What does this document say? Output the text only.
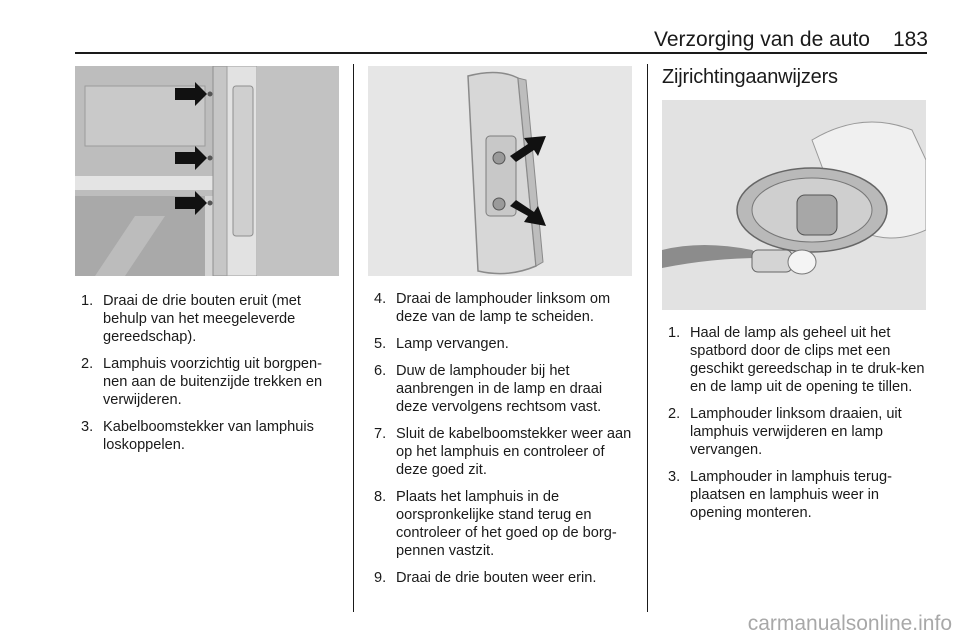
Verzorging van de auto	183
1. Draai de drie bouten eruit (met behulp van het meegeleverde gereedschap).
2. Lamphuis voorzichtig uit borgpen-nen aan de buitenzijde trekken en verwijderen.
3. Kabelboomstekker van lamphuis loskoppelen.
4. Draai de lamphouder linksom om deze van de lamp te scheiden.
5. Lamp vervangen.
6. Duw de lamphouder bij het aanbrengen in de lamp en draai deze vervolgens rechtsom vast.
7. Sluit de kabelboomstekker weer aan op het lamphuis en controleer of deze goed zit.
8. Plaats het lamphuis in de oorspronkelijke stand terug en controleer of het goed op de borg-pennen vastzit.
9. Draai de drie bouten weer erin.
Zijrichtingaanwijzers
1. Haal de lamp als geheel uit het spatbord door de clips met een geschikt gereedschap in te druk-ken en de lamp uit de opening te tillen.
2. Lamphouder linksom draaien, uit lamphuis verwijderen en lamp vervangen.
3. Lamphouder in lamphuis terug-plaatsen en lamphuis weer in opening monteren.
carmanualsonline.info
